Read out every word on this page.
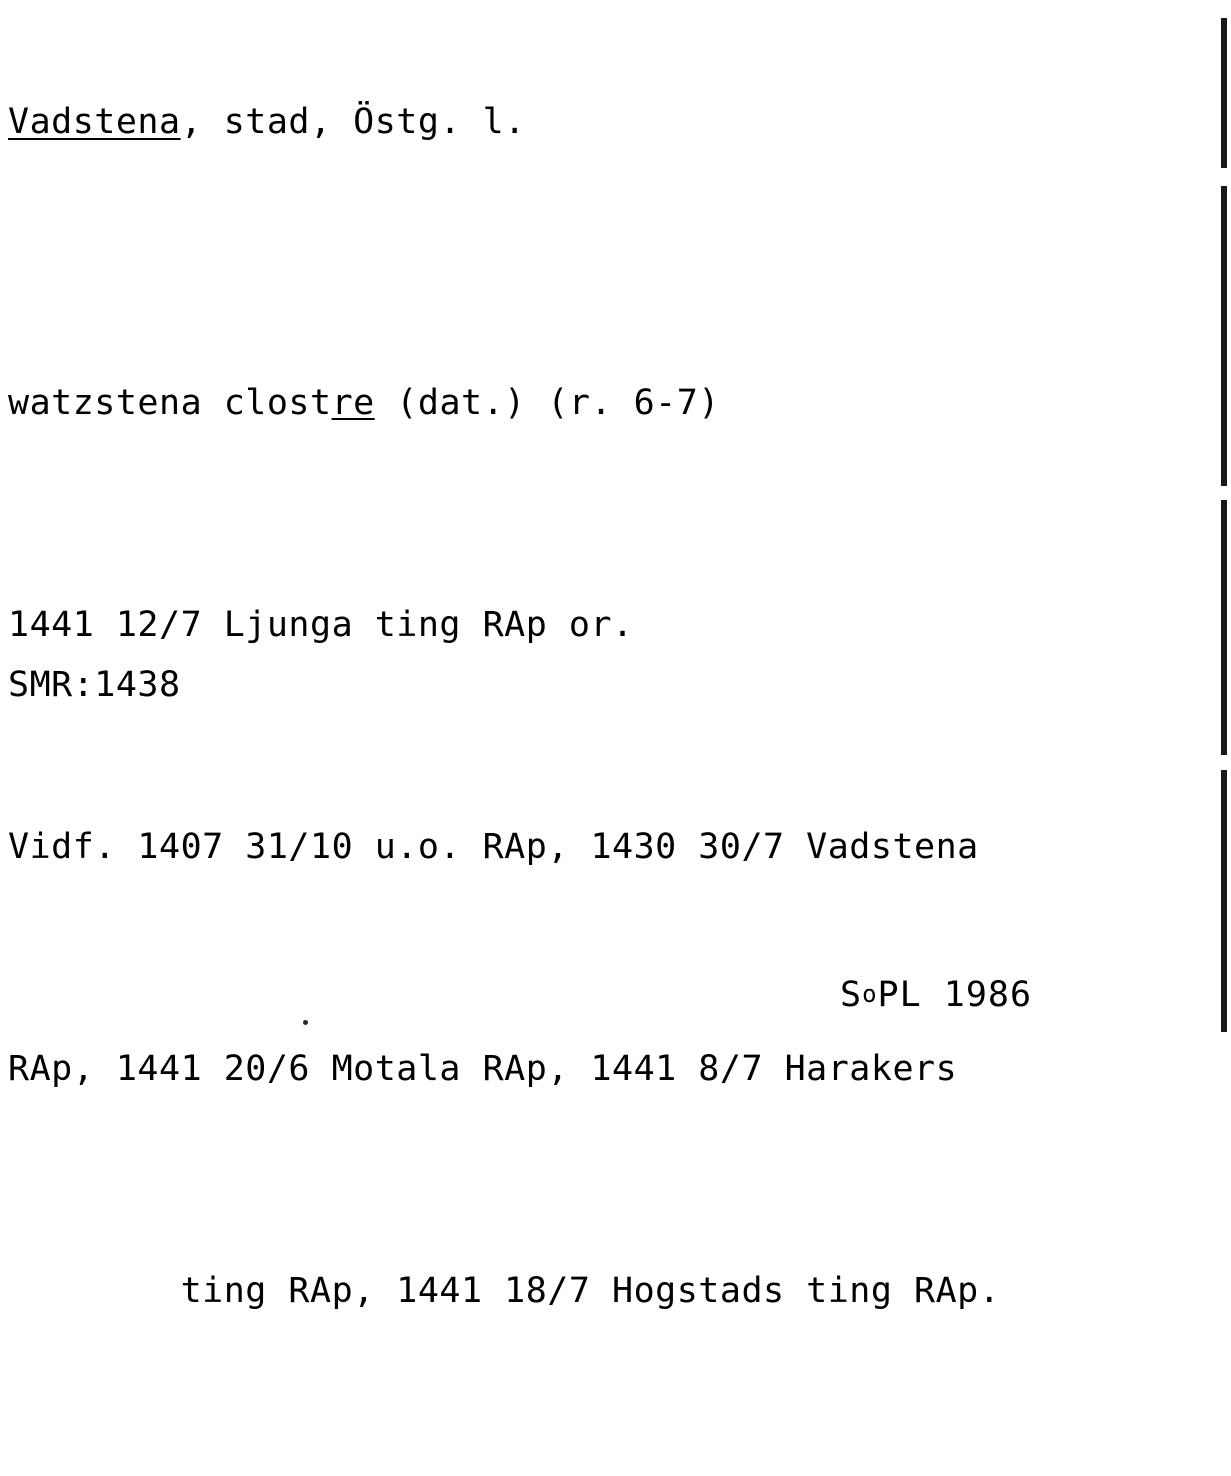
Vadstena, stad, Östg. l.

watzstena clostre (dat.) (r. 6-7)

1441 12/7 Ljunga ting RAp or.

Vidf. 1407 31/10 u.o. RAp, 1430 30/7 Vadstena

RAp, 1441 20/6 Motala RAp, 1441 8/7 Harakers

ting RAp, 1441 18/7 Hogstads ting RAp.

SMR:1438
SoPL 1986
